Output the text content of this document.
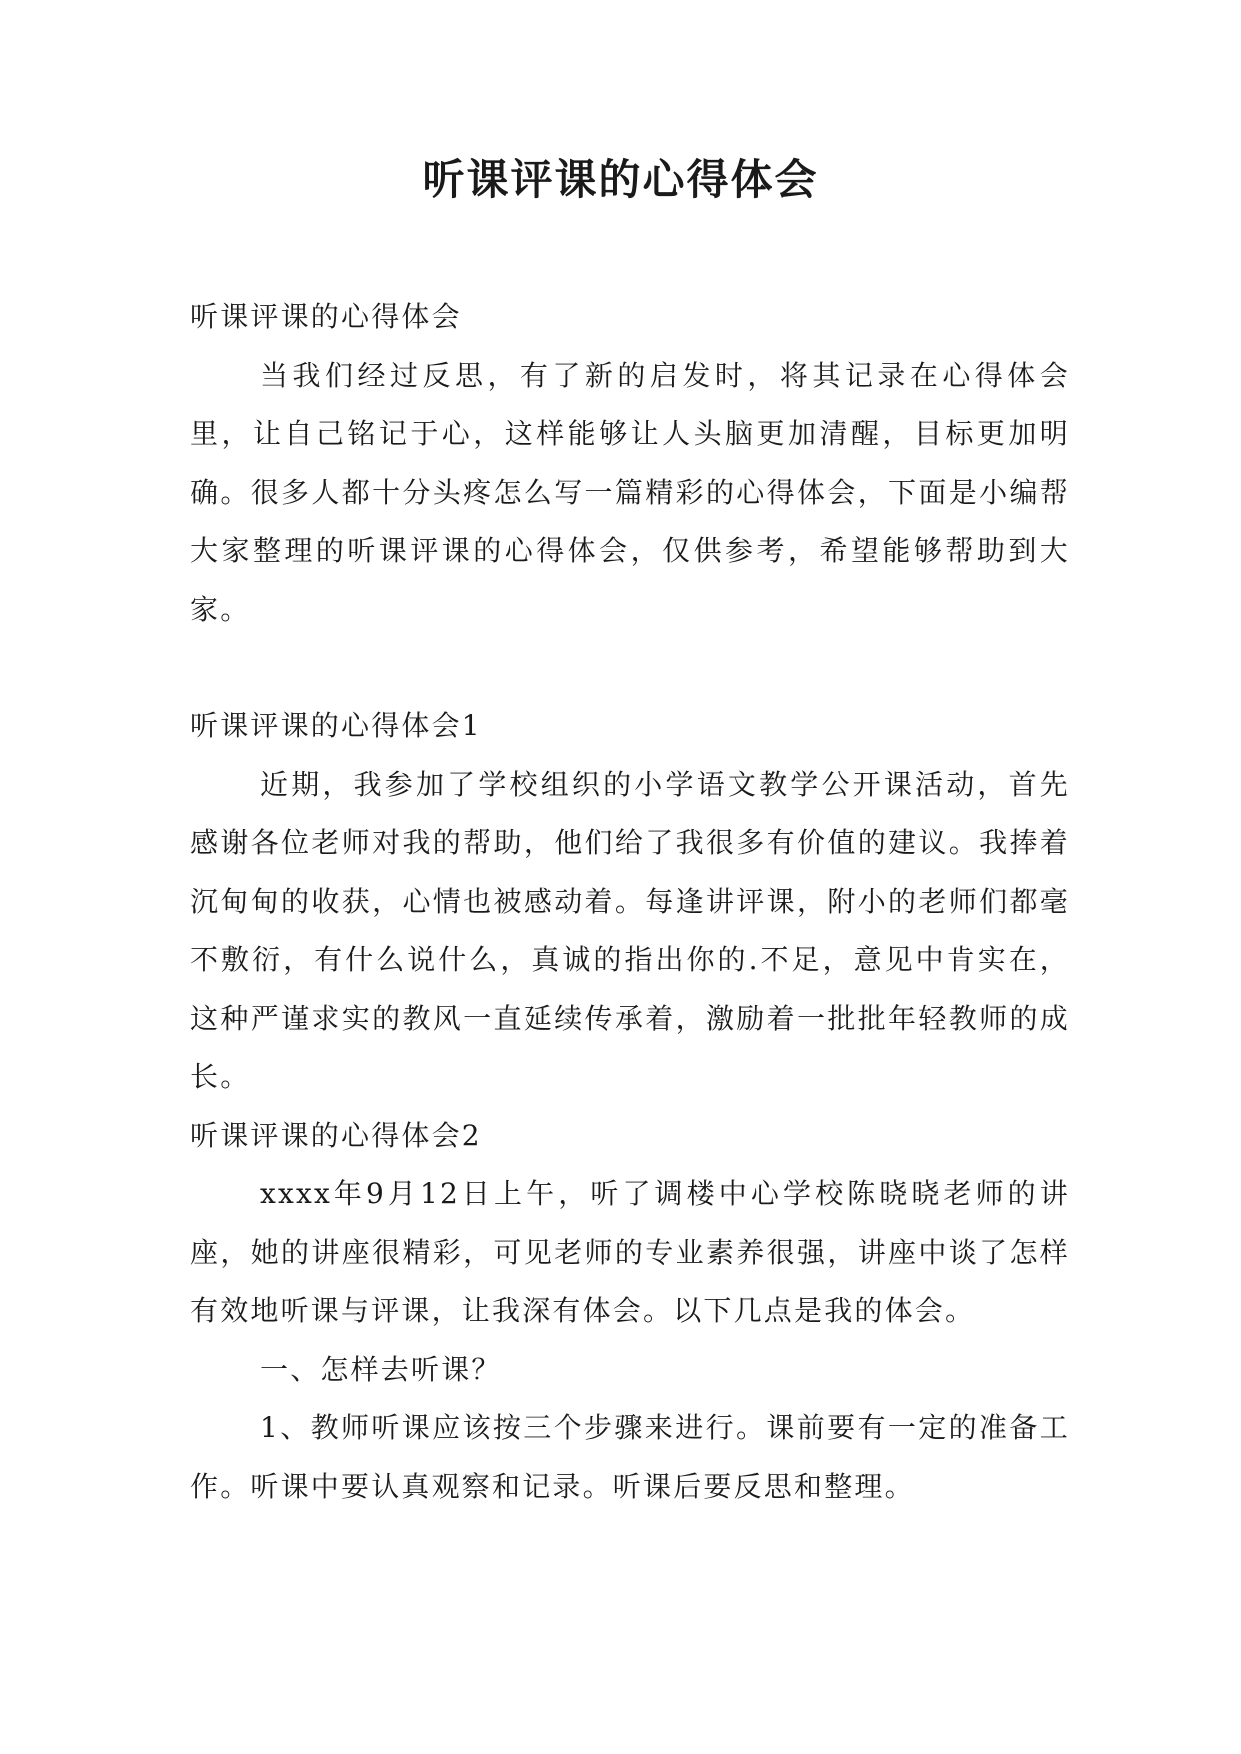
听课评课的心得体会

听课评课的心得体会

当我们经过反思，有了新的启发时，将其记录在心得体会里，让自己铭记于心，这样能够让人头脑更加清醒，目标更加明确。很多人都十分头疼怎么写一篇精彩的心得体会，下面是小编帮大家整理的听课评课的心得体会，仅供参考，希望能够帮助到大家。

听课评课的心得体会1

近期，我参加了学校组织的小学语文教学公开课活动，首先感谢各位老师对我的帮助，他们给了我很多有价值的建议。我捧着沉甸甸的收获，心情也被感动着。每逢讲评课，附小的老师们都毫不敷衍，有什么说什么，真诚的指出你的.不足，意见中肯实在，这种严谨求实的教风一直延续传承着，激励着一批批年轻教师的成长。

听课评课的心得体会2

xxxx年9月12日上午，听了调楼中心学校陈晓晓老师的讲座，她的讲座很精彩，可见老师的专业素养很强，讲座中谈了怎样有效地听课与评课，让我深有体会。以下几点是我的体会。

一、怎样去听课？

1、教师听课应该按三个步骤来进行。课前要有一定的准备工作。听课中要认真观察和记录。听课后要反思和整理。
